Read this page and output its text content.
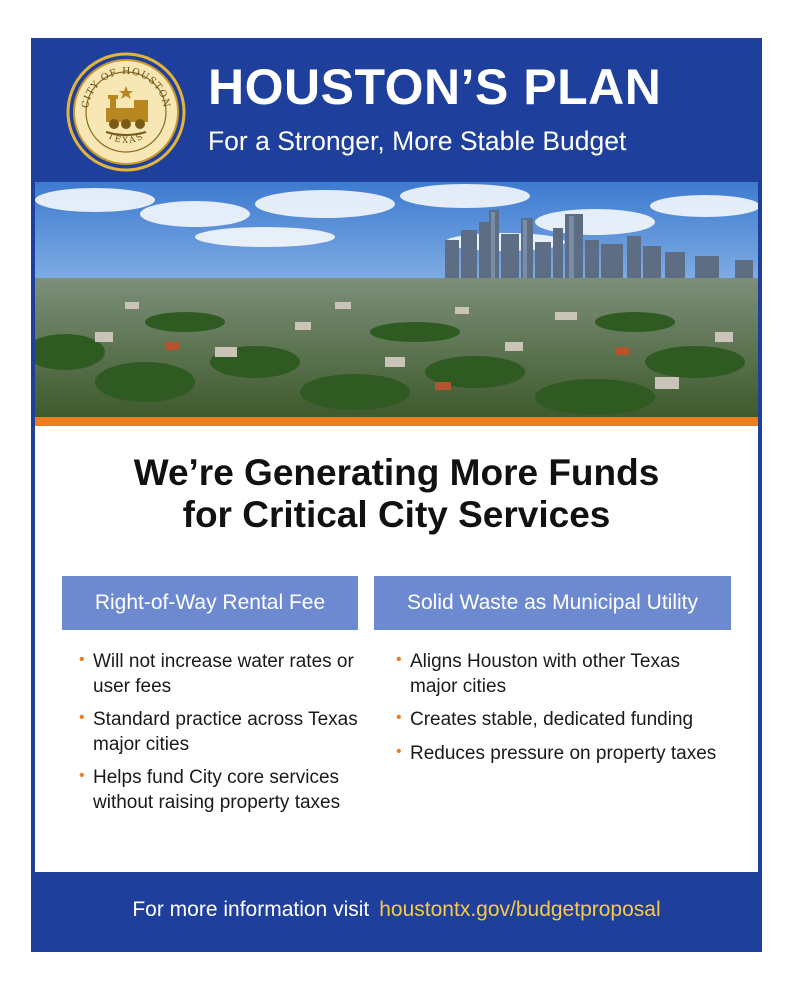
CITY OF HOUSTON
TEXAS
HOUSTON’S PLAN
For a Stronger, More Stable Budget
We’re Generating More Funds
for Critical City Services
Right-of-Way Rental Fee	Solid Waste as Municipal Utility
• Will not increase water rates or user fees
• Standard practice across Texas major cities
• Helps fund City core services without raising property taxes
• Aligns Houston with other Texas major cities
• Creates stable, dedicated funding
• Reduces pressure on property taxes
For more information visit houstontx.gov/budgetproposal
